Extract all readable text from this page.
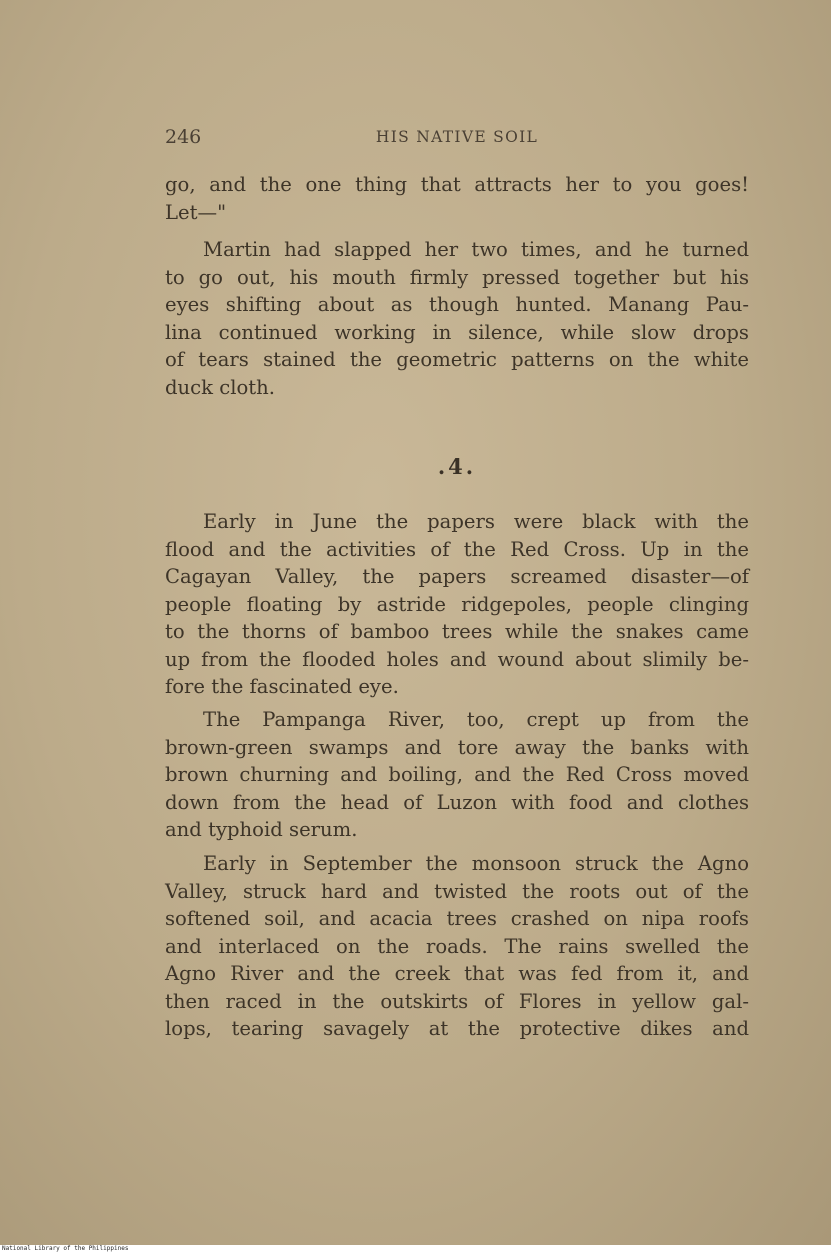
246	HIS NATIVE SOIL
go, and the one thing that attracts her to you goes!
Let—"
Martin had slapped her two times, and he turned
to go out, his mouth firmly pressed together but his
eyes shifting about as though hunted. Manang Pau-
lina continued working in silence, while slow drops
of tears stained the geometric patterns on the white
duck cloth.
.4.
Early in June the papers were black with the
flood and the activities of the Red Cross. Up in the
Cagayan Valley, the papers screamed disaster—of
people floating by astride ridgepoles, people clinging
to the thorns of bamboo trees while the snakes came
up from the flooded holes and wound about slimily be-
fore the fascinated eye.
The Pampanga River, too, crept up from the
brown-green swamps and tore away the banks with
brown churning and boiling, and the Red Cross moved
down from the head of Luzon with food and clothes
and typhoid serum.
Early in September the monsoon struck the Agno
Valley, struck hard and twisted the roots out of the
softened soil, and acacia trees crashed on nipa roofs
and interlaced on the roads. The rains swelled the
Agno River and the creek that was fed from it, and
then raced in the outskirts of Flores in yellow gal-
lops, tearing savagely at the protective dikes and
National Library of the Philippines
